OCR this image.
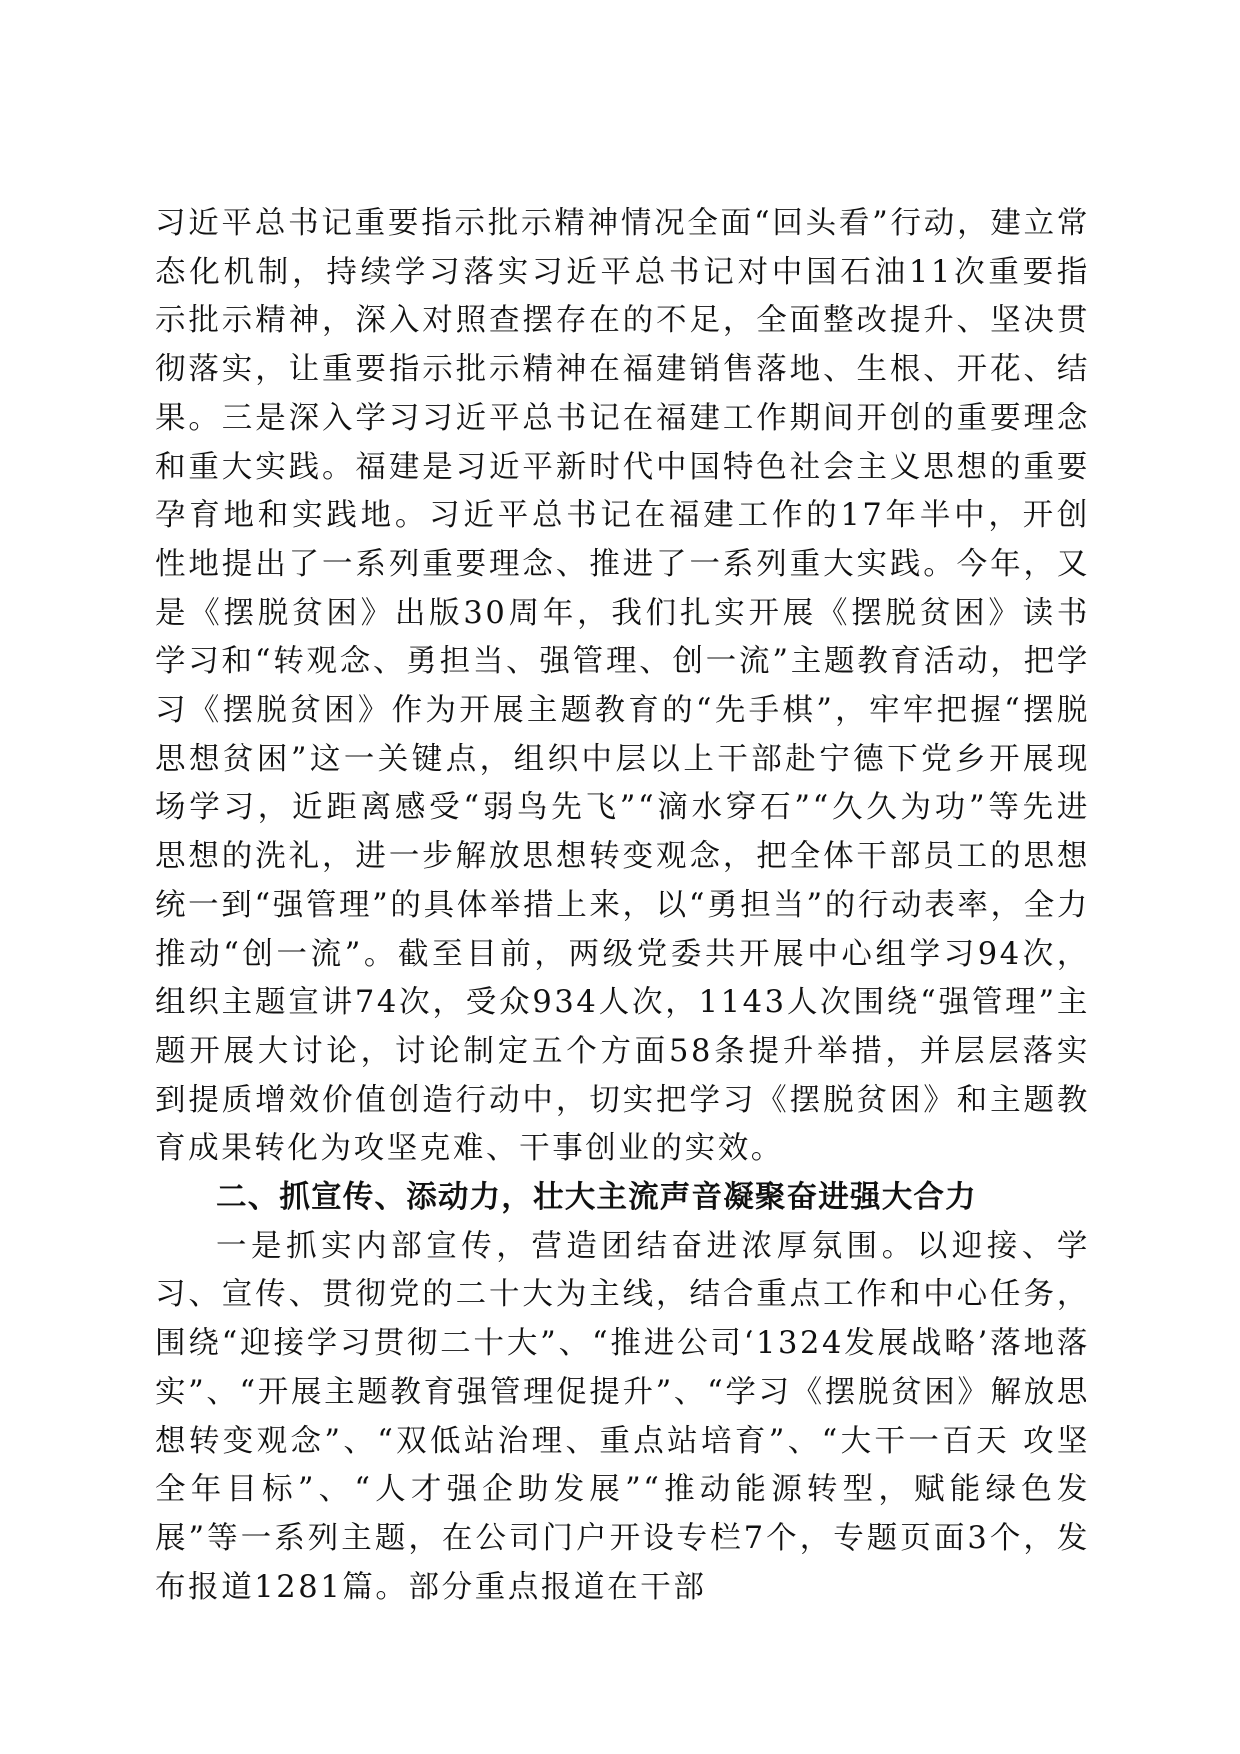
习近平总书记重要指示批示精神情况全面“回头看”行动，建立常态化机制，持续学习落实习近平总书记对中国石油11次重要指示批示精神，深入对照查摆存在的不足，全面整改提升、坚决贯彻落实，让重要指示批示精神在福建销售落地、生根、开花、结果。三是深入学习习近平总书记在福建工作期间开创的重要理念和重大实践。福建是习近平新时代中国特色社会主义思想的重要孕育地和实践地。习近平总书记在福建工作的17年半中，开创性地提出了一系列重要理念、推进了一系列重大实践。今年，又是《摆脱贫困》出版30周年，我们扎实开展《摆脱贫困》读书学习和“转观念、勇担当、强管理、创一流”主题教育活动，把学习《摆脱贫困》作为开展主题教育的“先手棋”，牢牢把握“摆脱思想贫困”这一关键点，组织中层以上干部赴宁德下党乡开展现场学习，近距离感受“弱鸟先飞”“滴水穿石”“久久为功”等先进思想的洗礼，进一步解放思想转变观念，把全体干部员工的思想统一到“强管理”的具体举措上来，以“勇担当”的行动表率，全力推动“创一流”。截至目前，两级党委共开展中心组学习94次，组织主题宣讲74次，受众934人次，1143人次围绕“强管理”主题开展大讨论，讨论制定五个方面58条提升举措，并层层落实到提质增效价值创造行动中，切实把学习《摆脱贫困》和主题教育成果转化为攻坚克难、干事创业的实效。

二、抓宣传、添动力，壮大主流声音凝聚奋进强大合力

一是抓实内部宣传，营造团结奋进浓厚氛围。以迎接、学习、宣传、贯彻党的二十大为主线，结合重点工作和中心任务，围绕“迎接学习贯彻二十大”、“推进公司‘1324发展战略’落地落实”、“开展主题教育强管理促提升”、“学习《摆脱贫困》解放思想转变观念”、“双低站治理、重点站培育”、“大干一百天 攻坚全年目标”、“人才强企助发展”“推动能源转型，赋能绿色发展”等一系列主题，在公司门户开设专栏7个，专题页面3个，发布报道1281篇。部分重点报道在干部
